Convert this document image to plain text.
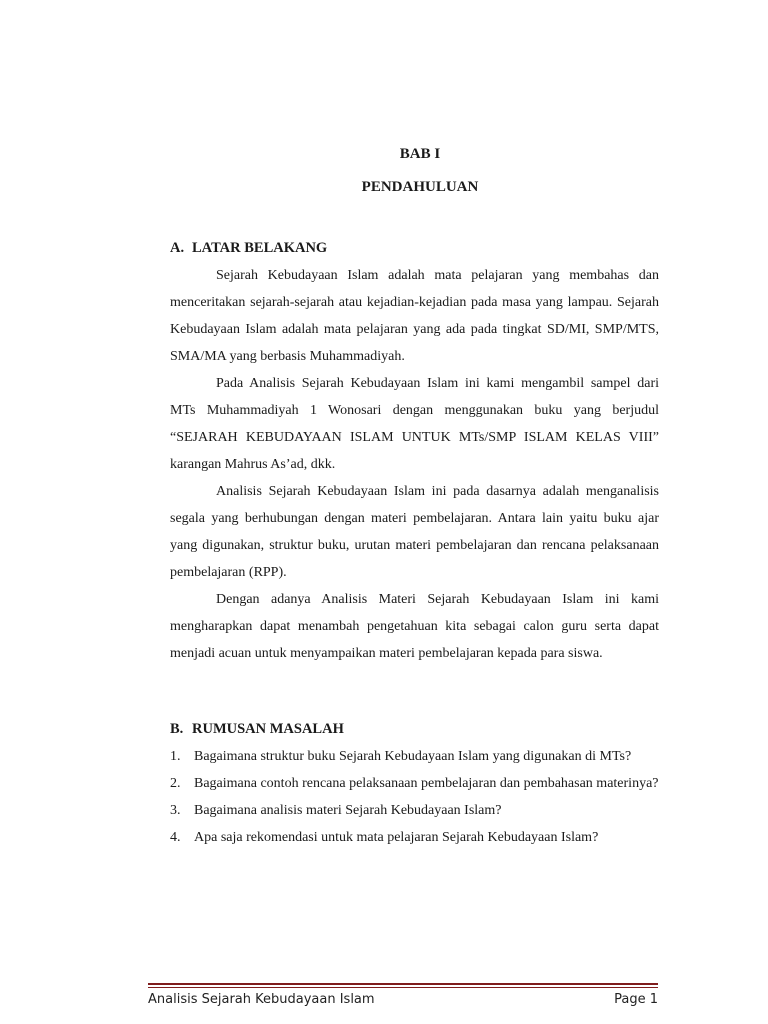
BAB I
PENDAHULUAN
A. LATAR BELAKANG

Sejarah Kebudayaan Islam adalah mata pelajaran yang membahas dan menceritakan sejarah-sejarah atau kejadian-kejadian pada masa yang lampau. Sejarah Kebudayaan Islam adalah mata pelajaran yang ada pada tingkat SD/MI, SMP/MTS, SMA/MA yang berbasis Muhammadiyah.

Pada Analisis Sejarah Kebudayaan Islam ini kami mengambil sampel dari MTs Muhammadiyah 1 Wonosari dengan menggunakan buku yang berjudul “SEJARAH KEBUDAYAAN ISLAM UNTUK MTs/SMP ISLAM KELAS VIII” karangan Mahrus As’ad, dkk.

Analisis Sejarah Kebudayaan Islam ini pada dasarnya adalah menganalisis segala yang berhubungan dengan materi pembelajaran. Antara lain yaitu buku ajar yang digunakan, struktur buku, urutan materi pembelajaran dan rencana pelaksanaan pembelajaran (RPP).

Dengan adanya Analisis Materi Sejarah Kebudayaan Islam ini kami mengharapkan dapat menambah pengetahuan kita sebagai calon guru serta dapat menjadi acuan untuk menyampaikan materi pembelajaran kepada para siswa.

B. RUMUSAN MASALAH
1. Bagaimana struktur buku Sejarah Kebudayaan Islam yang digunakan di MTs?
2. Bagaimana contoh rencana pelaksanaan pembelajaran dan pembahasan materinya?
3. Bagaimana analisis materi Sejarah Kebudayaan Islam?
4. Apa saja rekomendasi untuk mata pelajaran Sejarah Kebudayaan Islam?
Analisis Sejarah Kebudayaan Islam	Page 1
